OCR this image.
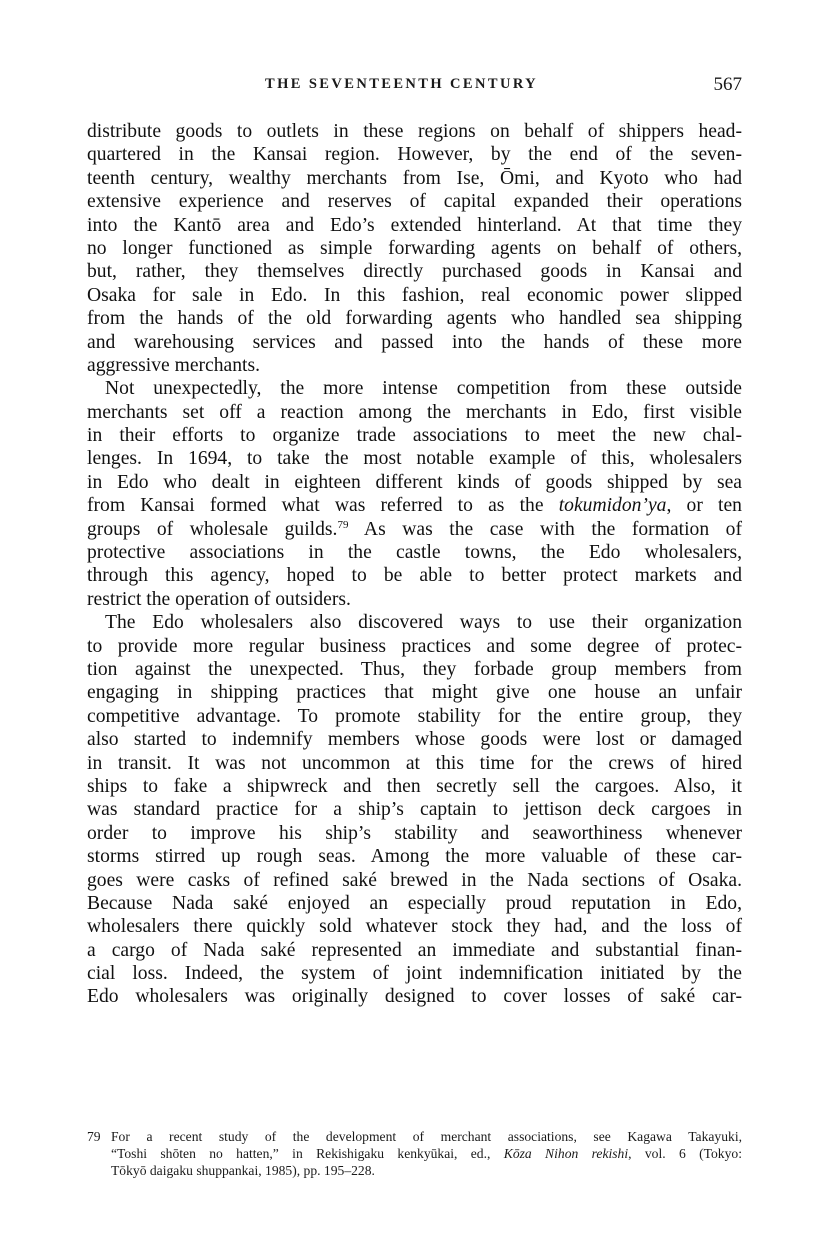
THE SEVENTEENTH CENTURY	567
distribute goods to outlets in these regions on behalf of shippers head-
quartered in the Kansai region. However, by the end of the seven-
teenth century, wealthy merchants from Ise, Ōmi, and Kyoto who had
extensive experience and reserves of capital expanded their operations
into the Kantō area and Edo’s extended hinterland. At that time they
no longer functioned as simple forwarding agents on behalf of others,
but, rather, they themselves directly purchased goods in Kansai and
Osaka for sale in Edo. In this fashion, real economic power slipped
from the hands of the old forwarding agents who handled sea shipping
and warehousing services and passed into the hands of these more
aggressive merchants.
Not unexpectedly, the more intense competition from these outside
merchants set off a reaction among the merchants in Edo, first visible
in their efforts to organize trade associations to meet the new chal-
lenges. In 1694, to take the most notable example of this, wholesalers
in Edo who dealt in eighteen different kinds of goods shipped by sea
from Kansai formed what was referred to as the tokumidon’ya, or ten
groups of wholesale guilds.$^{79}$ As was the case with the formation of
protective associations in the castle towns, the Edo wholesalers,
through this agency, hoped to be able to better protect markets and
restrict the operation of outsiders.
The Edo wholesalers also discovered ways to use their organization
to provide more regular business practices and some degree of protec-
tion against the unexpected. Thus, they forbade group members from
engaging in shipping practices that might give one house an unfair
competitive advantage. To promote stability for the entire group, they
also started to indemnify members whose goods were lost or damaged
in transit. It was not uncommon at this time for the crews of hired
ships to fake a shipwreck and then secretly sell the cargoes. Also, it
was standard practice for a ship’s captain to jettison deck cargoes in
order to improve his ship’s stability and seaworthiness whenever
storms stirred up rough seas. Among the more valuable of these car-
goes were casks of refined saké brewed in the Nada sections of Osaka.
Because Nada saké enjoyed an especially proud reputation in Edo,
wholesalers there quickly sold whatever stock they had, and the loss of
a cargo of Nada saké represented an immediate and substantial finan-
cial loss. Indeed, the system of joint indemnification initiated by the
Edo wholesalers was originally designed to cover losses of saké car-
79 For a recent study of the development of merchant associations, see Kagawa Takayuki,
“Toshi shōten no hatten,” in Rekishigaku kenkyūkai, ed., Kōza Nihon rekishi, vol. 6 (Tokyo:
Tōkyō daigaku shuppankai, 1985), pp. 195–228.
